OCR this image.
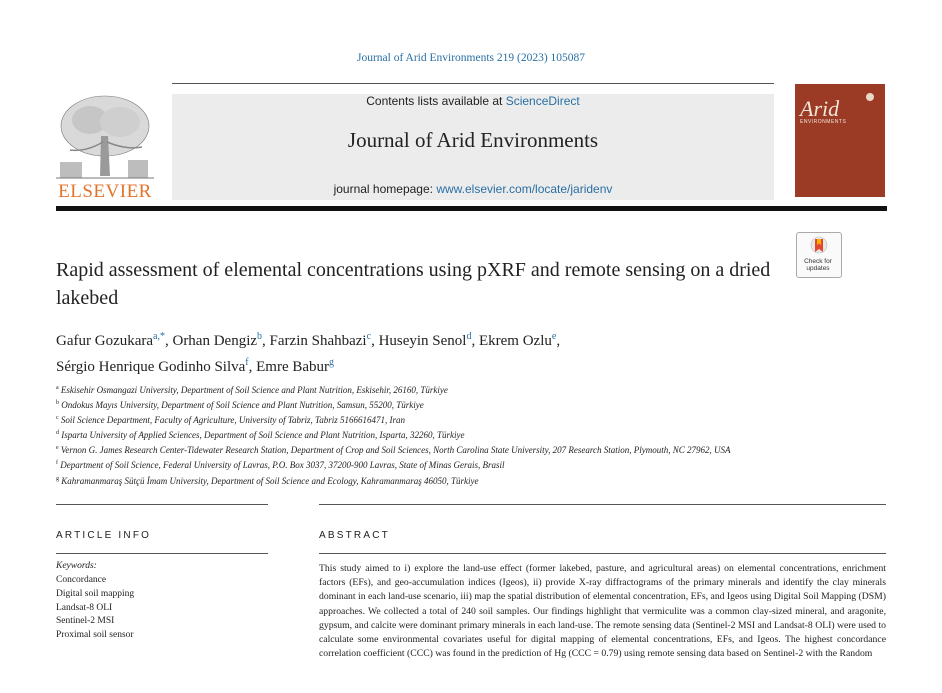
Journal of Arid Environments 219 (2023) 105087
ELSEVIER
Contents lists available at ScienceDirect
Journal of Arid Environments
journal homepage: www.elsevier.com/locate/jaridenv
Arid
ENVIRONMENTS
Check for updates
Rapid assessment of elemental concentrations using pXRF and remote sensing on a dried lakebed
Gafur Gozukara$^{a,*}$, Orhan Dengiz$^b$, Farzin Shahbazi$^c$, Huseyin Senol$^d$, Ekrem Ozlu$^e$,
Sérgio Henrique Godinho Silva$^f$, Emre Babur$^g$
$^a$ Eskisehir Osmangazi University, Department of Soil Science and Plant Nutrition, Eskisehir, 26160, Türkiye
$^b$ Ondokus Mayıs University, Department of Soil Science and Plant Nutrition, Samsun, 55200, Türkiye
$^c$ Soil Science Department, Faculty of Agriculture, University of Tabriz, Tabriz 5166616471, Iran
$^d$ Isparta University of Applied Sciences, Department of Soil Science and Plant Nutrition, Isparta, 32260, Türkiye
$^e$ Vernon G. James Research Center-Tidewater Research Station, Department of Crop and Soil Sciences, North Carolina State University, 207 Research Station, Plymouth, NC 27962, USA
$^f$ Department of Soil Science, Federal University of Lavras, P.O. Box 3037, 37200-900 Lavras, State of Minas Gerais, Brasil
$^g$ Kahramanmaraş Sütçü İmam University, Department of Soil Science and Ecology, Kahramanmaraş 46050, Türkiye
ARTICLE INFO	ABSTRACT
Keywords:
Concordance
Digital soil mapping
Landsat-8 OLI
Sentinel-2 MSI
Proximal soil sensor
This study aimed to i) explore the land-use effect (former lakebed, pasture, and agricultural areas) on elemental concentrations, enrichment factors (EFs), and geo-accumulation indices (Igeos), ii) provide X-ray diffractograms of the primary minerals and identify the clay minerals dominant in each land-use scenario, iii) map the spatial distribution of elemental concentration, EFs, and Igeos using Digital Soil Mapping (DSM) approaches. We collected a total of 240 soil samples. Our findings highlight that vermiculite was a common clay-sized mineral, and aragonite, gypsum, and calcite were dominant primary minerals in each land-use. The remote sensing data (Sentinel-2 MSI and Landsat-8 OLI) were used to calculate some environmental covariates useful for digital mapping of elemental concentrations, EFs, and Igeos. The highest concordance correlation coefficient (CCC) was found in the prediction of Hg (CCC = 0.79) using remote sensing data based on Sentinel-2 with the Random
